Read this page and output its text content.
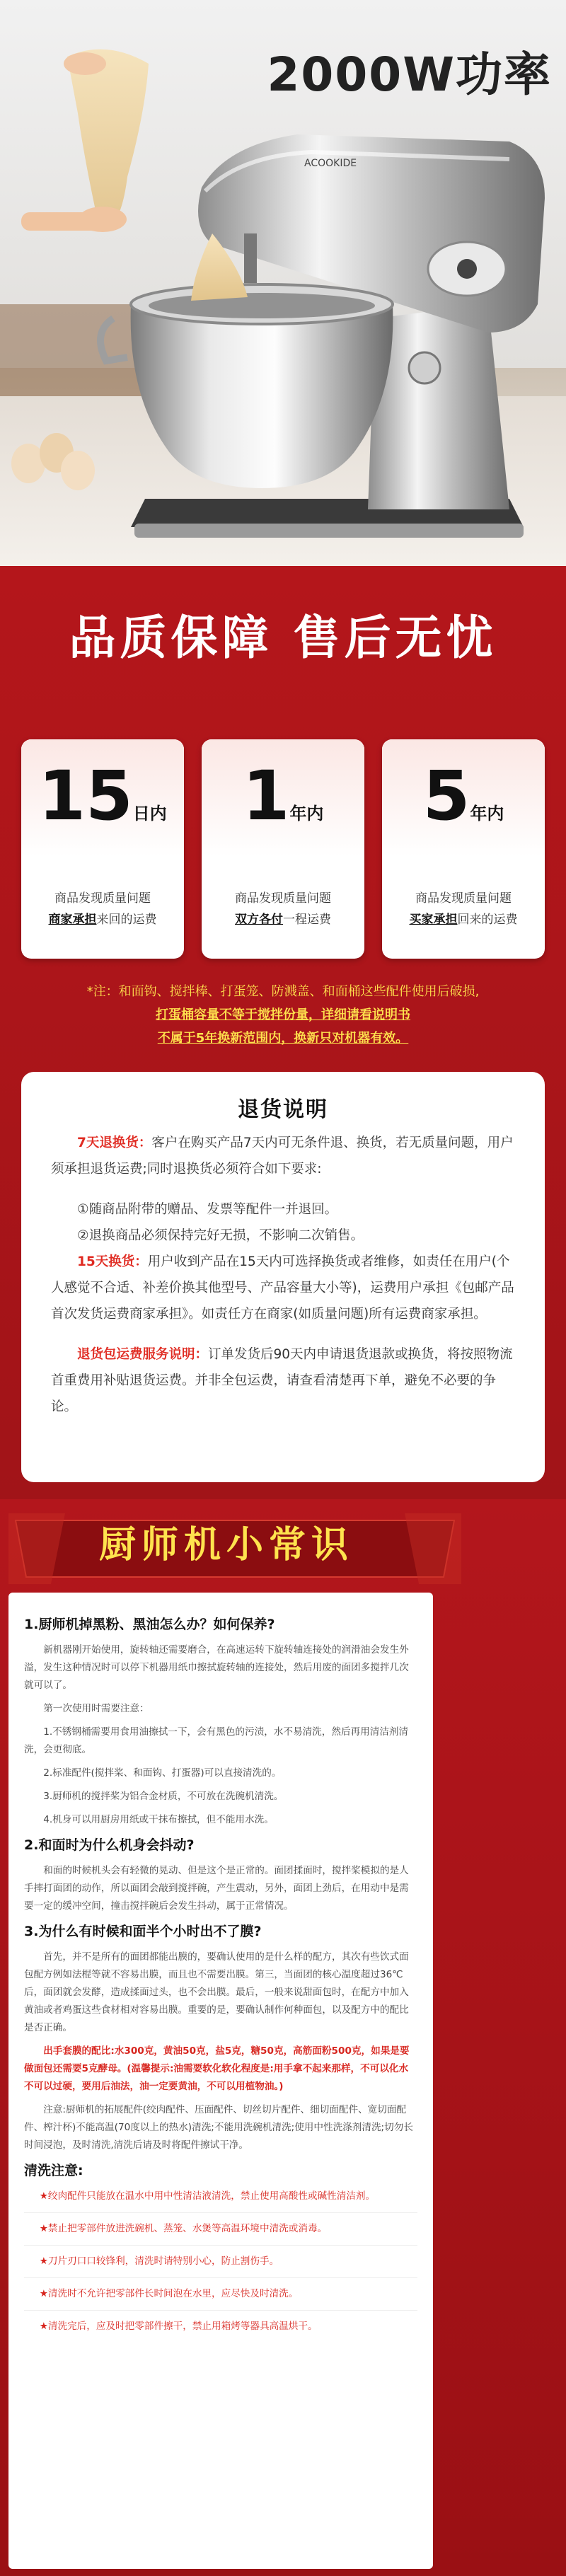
ACOOKIDE
2000W功率
品质保障 售后无忧
15日内
商品发现质量问题
商家承担来回的运费
1年内
商品发现质量问题
双方各付一程运费
5年内
商品发现质量问题
买家承担回来的运费
*注：和面钩、搅拌棒、打蛋笼、防溅盖、和面桶这些配件使用后破损,
打蛋桶容量不等于搅拌份量，详细请看说明书
不属于5年换新范围内，换新只对机器有效。
退货说明

7天退换货：客户在购买产品7天内可无条件退、换货，若无质量问题，用户须承担退货运费;同时退换货必须符合如下要求:

①随商品附带的赠品、发票等配件一并退回。

②退换商品必须保持完好无损，不影响二次销售。

15天换货：用户收到产品在15天内可选择换货或者维修，如责任在用户(个人感觉不合适、补差价换其他型号、产品容量大小等)，运费用户承担《包邮产品首次发货运费商家承担》。如责任方在商家(如质量问题)所有运费商家承担。

退货包运费服务说明：订单发货后90天内申请退货退款或换货，将按照物流首重费用补贴退货运费。并非全包运费，请查看清楚再下单，避免不必要的争论。

厨师机小常识
1.厨师机掉黑粉、黑油怎么办？如何保养?

新机器刚开始使用，旋转轴还需要磨合，在高速运转下旋转轴连接处的润滑油会发生外溢，发生这种情况时可以停下机器用纸巾擦拭旋转轴的连接处，然后用废的面团多搅拌几次就可以了。

第一次使用时需要注意：

1.不锈钢桶需要用食用油擦拭一下，会有黑色的污渍，水不易清洗，然后再用清洁剂清洗，会更彻底。

2.标准配件(搅拌桨、和面钩、打蛋器)可以直接清洗的。

3.厨师机的搅拌桨为铝合金材质，不可放在洗碗机清洗。

4.机身可以用厨房用纸或干抹布擦拭，但不能用水洗。

2.和面时为什么机身会抖动?

和面的时候机头会有轻微的晃动、但是这个是正常的。面团揉面时，搅拌桨模拟的是人手摔打面团的动作，所以面团会敲到搅拌碗，产生震动，另外，面团上劲后，在用动中是需要一定的缓冲空间，撞击搅拌碗后会发生抖动，属于正常情况。

3.为什么有时候和面半个小时出不了膜?

首先，并不是所有的面团都能出膜的，要确认使用的是什么样的配方，其次有些饮式面包配方例如法棍等就不容易出膜，而且也不需要出膜。第三，当面团的核心温度超过36℃后，面团就会发酵，造成揉面过头，也不会出膜。最后，一般来说甜面包时，在配方中加入黄油或者鸡蛋这些食材相对容易出膜。重要的是，要确认制作何种面包，以及配方中的配比是否正确。

出手套膜的配比:水300克，黄油50克，盐5克，糖50克，高筋面粉500克，如果是要做面包还需要5克酵母。(温馨提示:油需要软化软化程度是:用手拿不起来那样，不可以化水不可以过硬，要用后油法，油一定要黄油，不可以用植物油。)

注意:厨师机的拓展配件(绞肉配件、压面配件、切丝切片配件、细切面配件、宽切面配件、榨汁杯)不能高温(70度以上的热水)清洗;不能用洗碗机清洗;使用中性洗涤剂清洗;切勿长时间浸泡，及时清洗,清洗后请及时将配件擦试干净。

清洗注意:

★绞肉配件只能放在温水中用中性清洁液清洗，禁止使用高酸性或碱性清洁剂。

★禁止把零部件放进洗碗机、蒸笼、水煲等高温环境中清洗或消毒。

★刀片刃口口较锋利，清洗时请特别小心，防止割伤手。

★清洗时不允许把零部件长时间泡在水里，应尽快及时清洗。

★清洗完后，应及时把零部件擦干，禁止用箱烤等器具高温烘干。
